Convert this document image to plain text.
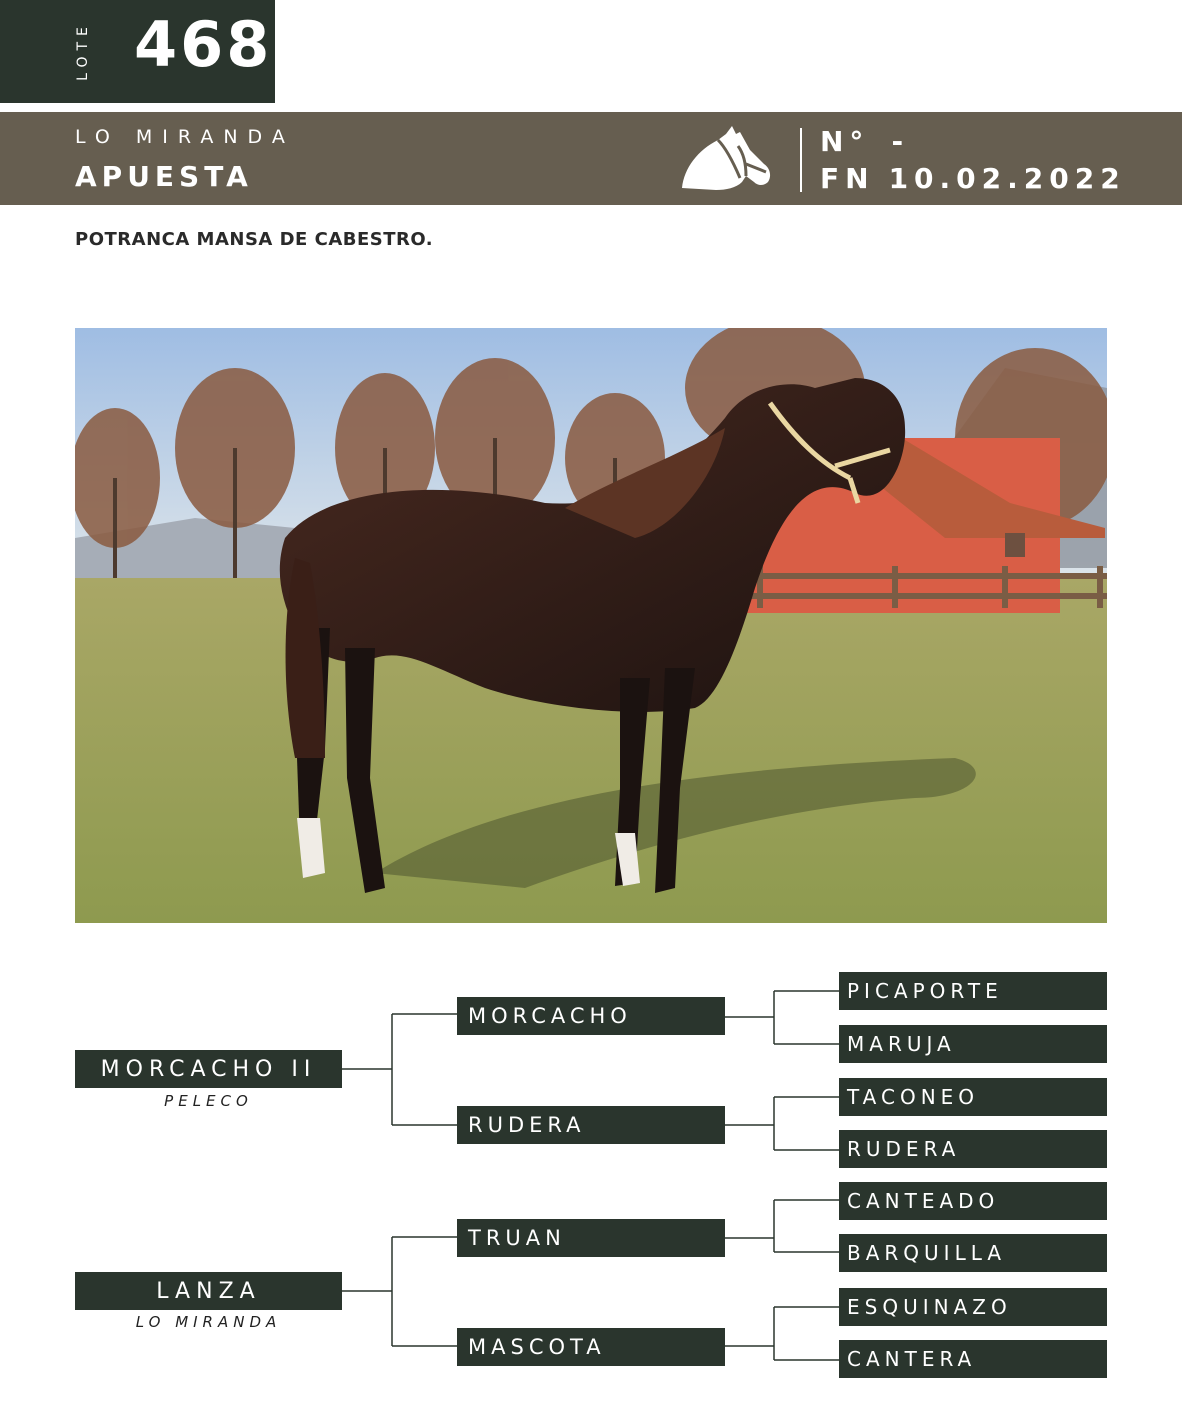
LOTE 468
LO MIRANDA
APUESTA
N° -
FN 10.02.2022
POTRANCA MANSA DE CABESTRO.
MORCACHO II
PELECO
LANZA
LO MIRANDA
MORCACHO
RUDERA
TRUAN
MASCOTA
PICAPORTE
MARUJA
TACONEO
RUDERA
CANTEADO
BARQUILLA
ESQUINAZO
CANTERA
